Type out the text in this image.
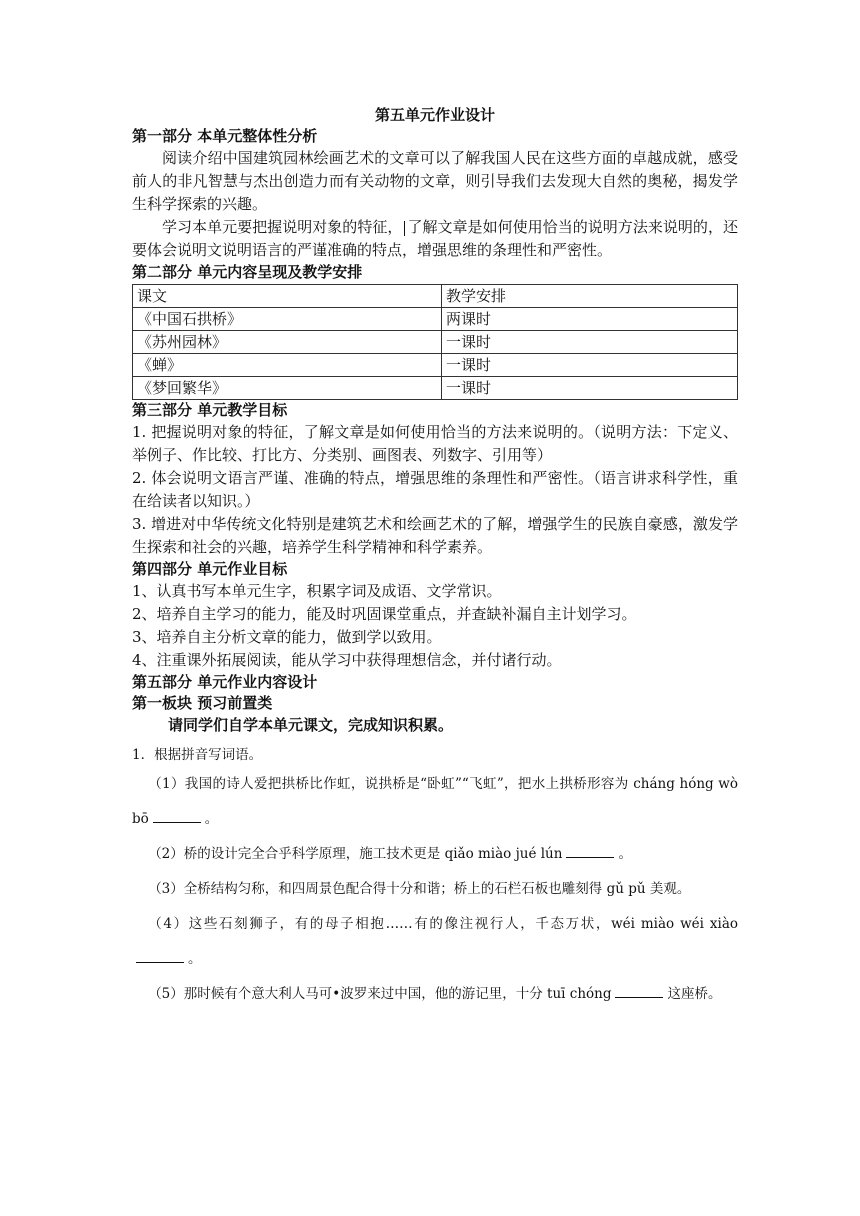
第五单元作业设计
第一部分 本单元整体性分析

阅读介绍中国建筑园林绘画艺术的文章可以了解我国人民在这些方面的卓越成就，感受前人的非凡智慧与杰出创造力而有关动物的文章，则引导我们去发现大自然的奥秘，揭发学生科学探索的兴趣。

学习本单元要把握说明对象的特征， 了解文章是如何使用恰当的说明方法来说明的，还要体会说明文说明语言的严谨准确的特点，增强思维的条理性和严密性。

第二部分 单元内容呈现及教学安排
课文	教学安排
《中国石拱桥》	两课时
《苏州园林》	一课时
《蝉》	一课时
《梦回繁华》	一课时
第三部分 单元教学目标

1. 把握说明对象的特征，了解文章是如何使用恰当的方法来说明的。（说明方法：下定义、举例子、作比较、打比方、分类别、画图表、列数字、引用等）

2. 体会说明文语言严谨、准确的特点，增强思维的条理性和严密性。（语言讲求科学性，重在给读者以知识。）

3. 增进对中华传统文化特别是建筑艺术和绘画艺术的了解，增强学生的民族自豪感，激发学生探索和社会的兴趣，培养学生科学精神和科学素养。

第四部分 单元作业目标

1、认真书写本单元生字，积累字词及成语、文学常识。

2、培养自主学习的能力，能及时巩固课堂重点，并查缺补漏自主计划学习。

3、培养自主分析文章的能力，做到学以致用。

4、注重课外拓展阅读，能从学习中获得理想信念，并付诸行动。

第五部分 单元作业内容设计
第一板块 预习前置类
请同学们自学本单元课文，完成知识积累。
1．根据拼音写词语。

（1）我国的诗人爱把拱桥比作虹，说拱桥是“卧虹”“飞虹”，把水上拱桥形容为 cháng hóng wò bō	。

（2）桥的设计完全合乎科学原理，施工技术更是 qiǎo miào jué lún	。

（3）全桥结构匀称，和四周景色配合得十分和谐；桥上的石栏石板也雕刻得 gǔ pǔ 美观。

（4）这些石刻狮子，有的母子相抱……有的像注视行人，千态万状，wéi miào wéi xiào。

（5）那时候有个意大利人马可•波罗来过中国，他的游记里，十分 tuī chóng	这座桥。
